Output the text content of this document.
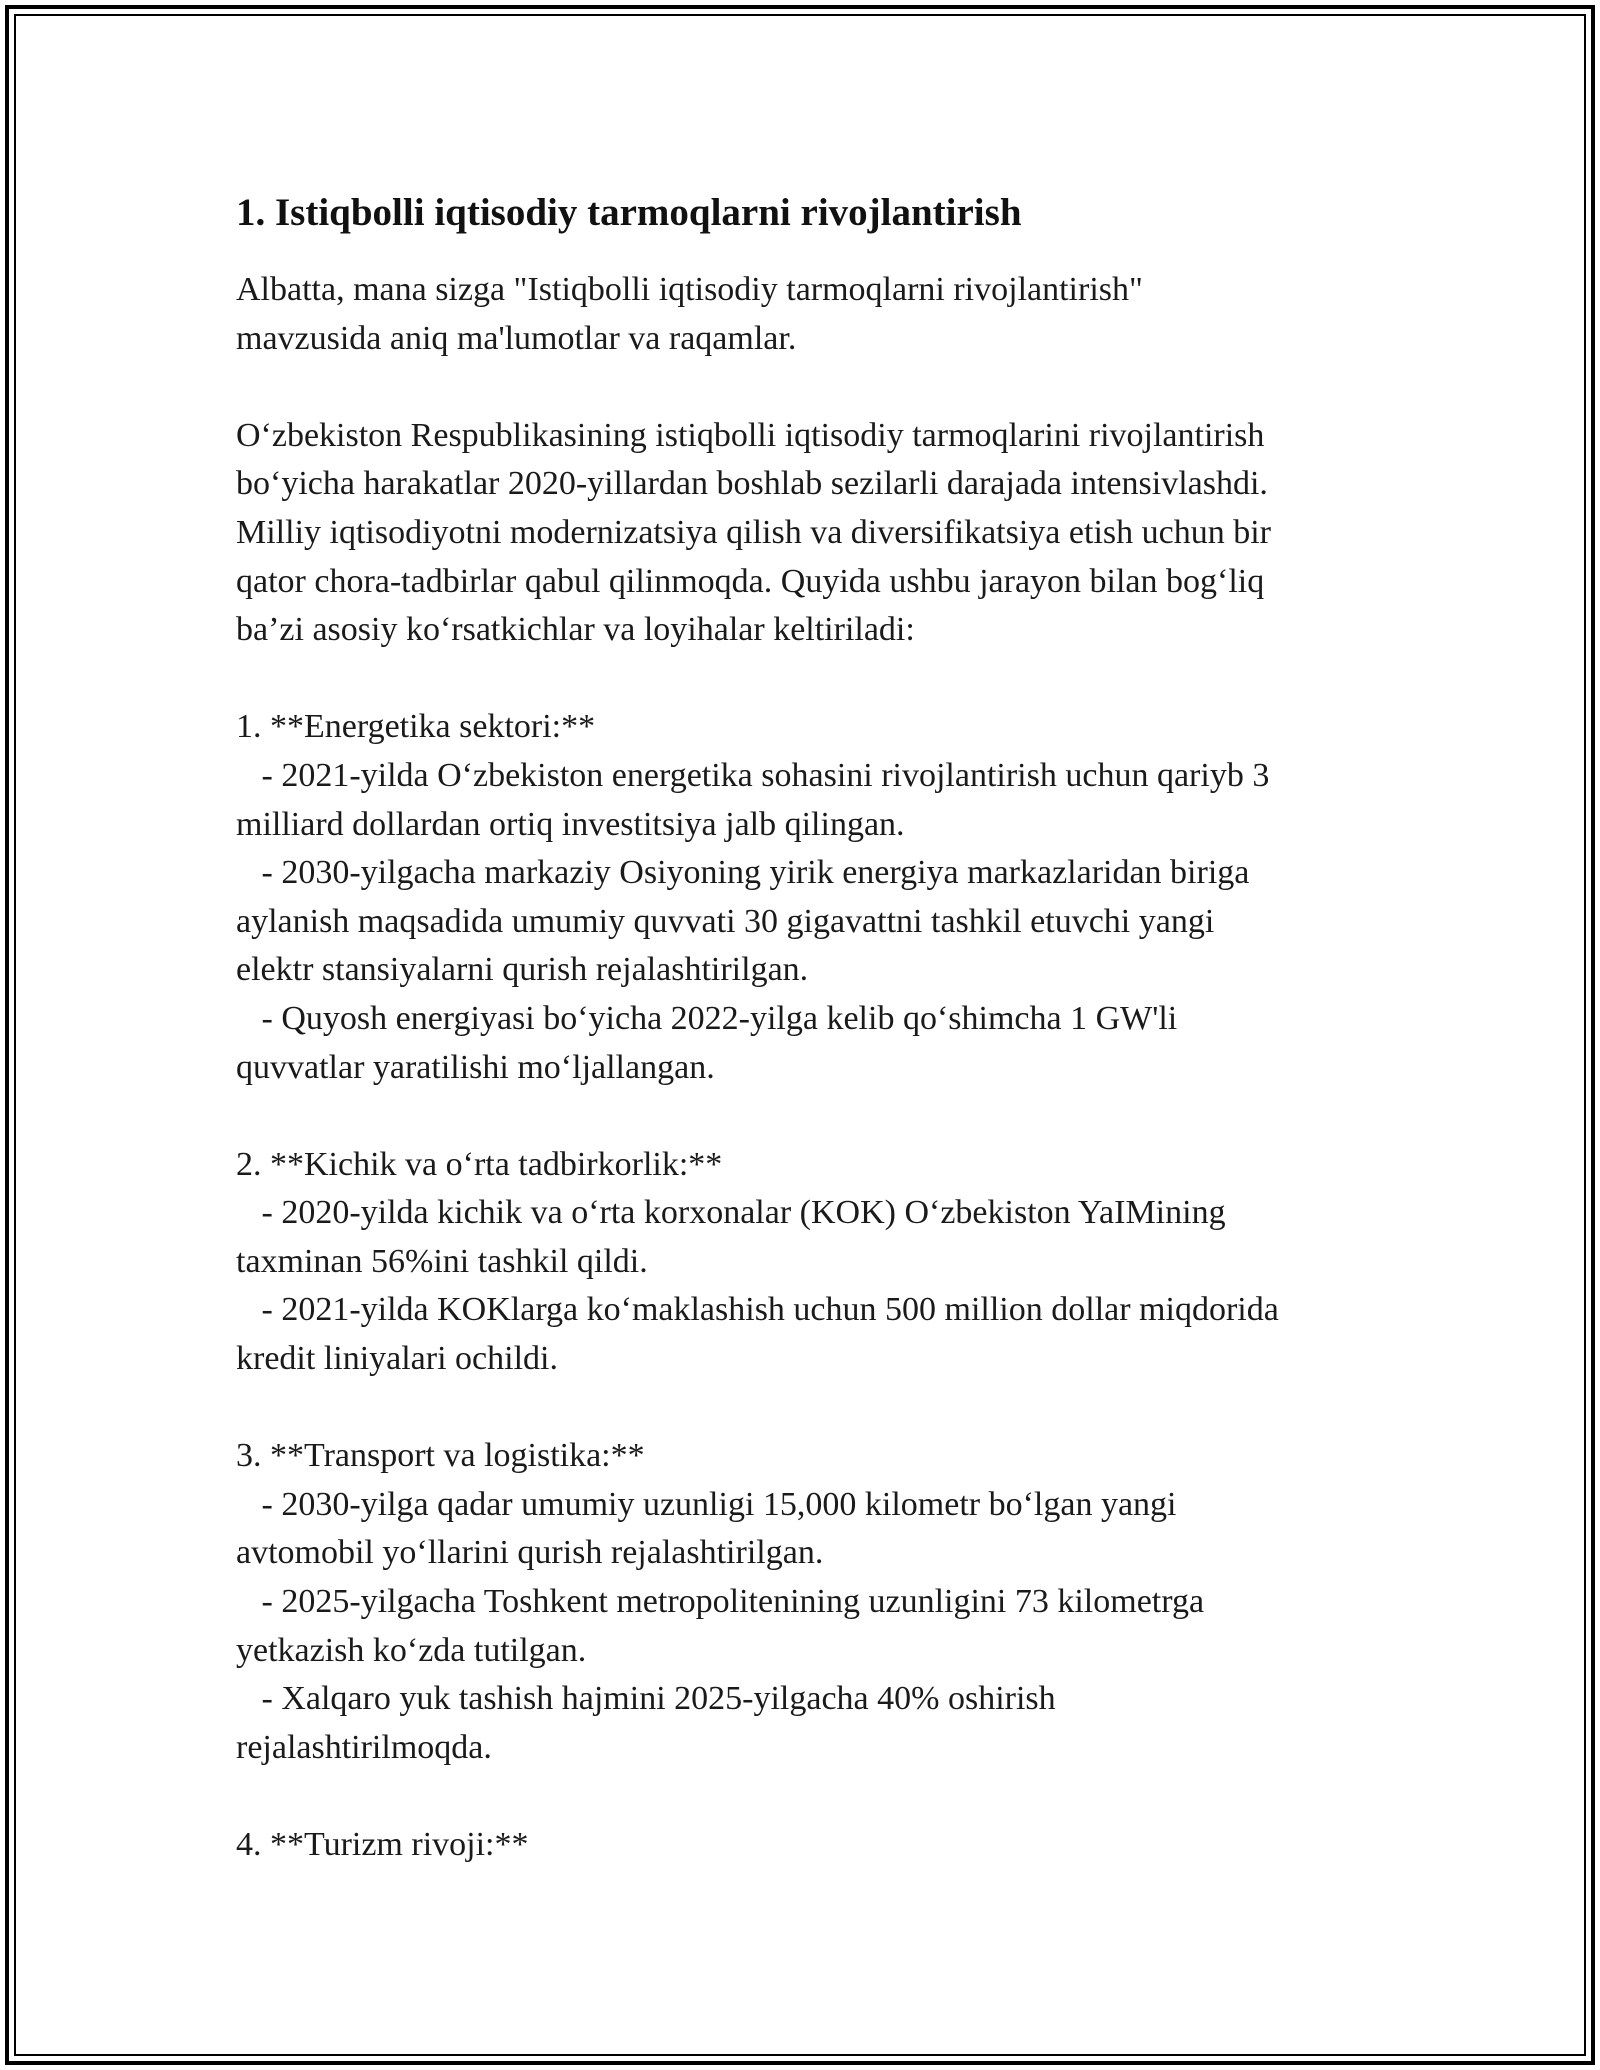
1. Istiqbolli iqtisodiy tarmoqlarni rivojlantirish
Albatta, mana sizga "Istiqbolli iqtisodiy tarmoqlarni rivojlantirish"
mavzusida aniq ma'lumotlar va raqamlar.

O‘zbekiston Respublikasining istiqbolli iqtisodiy tarmoqlarini rivojlantirish
bo‘yicha harakatlar 2020-yillardan boshlab sezilarli darajada intensivlashdi.
Milliy iqtisodiyotni modernizatsiya qilish va diversifikatsiya etish uchun bir
qator chora-tadbirlar qabul qilinmoqda. Quyida ushbu jarayon bilan bog‘liq
ba’zi asosiy ko‘rsatkichlar va loyihalar keltiriladi:

1. **Energetika sektori:**
- 2021-yilda O‘zbekiston energetika sohasini rivojlantirish uchun qariyb 3
milliard dollardan ortiq investitsiya jalb qilingan.
- 2030-yilgacha markaziy Osiyoning yirik energiya markazlaridan biriga
aylanish maqsadida umumiy quvvati 30 gigavattni tashkil etuvchi yangi
elektr stansiyalarni qurish rejalashtirilgan.
- Quyosh energiyasi bo‘yicha 2022-yilga kelib qo‘shimcha 1 GW'li
quvvatlar yaratilishi mo‘ljallangan.

2. **Kichik va o‘rta tadbirkorlik:**
- 2020-yilda kichik va o‘rta korxonalar (KOK) O‘zbekiston YaIMining
taxminan 56%ini tashkil qildi.
- 2021-yilda KOKlarga ko‘maklashish uchun 500 million dollar miqdorida
kredit liniyalari ochildi.

3. **Transport va logistika:**
- 2030-yilga qadar umumiy uzunligi 15,000 kilometr bo‘lgan yangi
avtomobil yo‘llarini qurish rejalashtirilgan.
- 2025-yilgacha Toshkent metropolitenining uzunligini 73 kilometrga
yetkazish ko‘zda tutilgan.
- Xalqaro yuk tashish hajmini 2025-yilgacha 40% oshirish
rejalashtirilmoqda.

4. **Turizm rivoji:**
